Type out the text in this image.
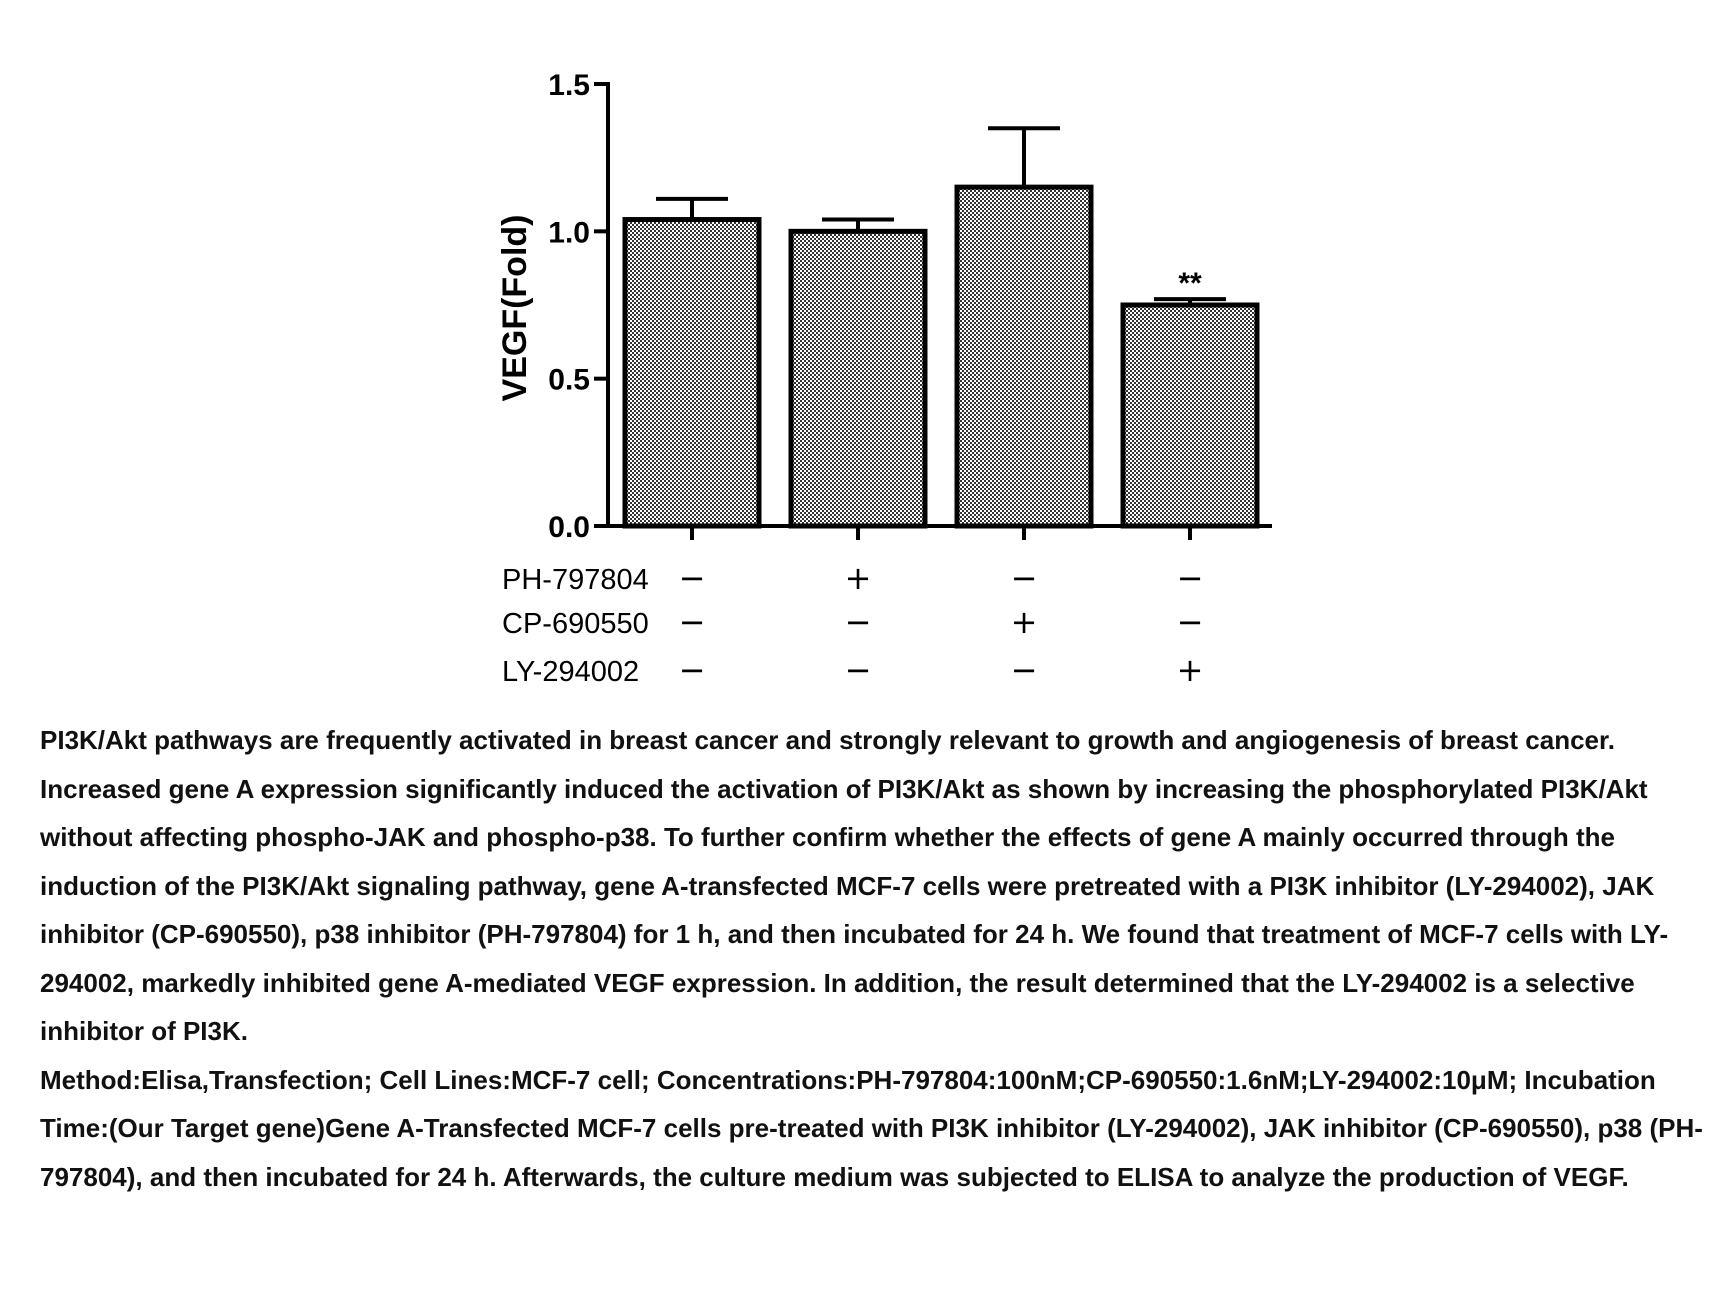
VEGF(Fold)	**
0.0
0.5
1.0
1.5
PH-797804 −	+	−	−
CP-690550 −	−	+	−
LY-294002 −	−	−	+

PI3K/Akt pathways are frequently activated in breast cancer and strongly relevant to growth and angiogenesis of breast cancer. Increased gene A expression significantly induced the activation of PI3K/Akt as shown by increasing the phosphorylated PI3K/Akt without affecting phospho-JAK and phospho-p38. To further confirm whether the effects of gene A mainly occurred through the induction of the PI3K/Akt signaling pathway, gene A-transfected MCF-7 cells were pretreated with a PI3K inhibitor (LY-294002), JAK inhibitor (CP-690550), p38 inhibitor (PH-797804) for 1 h, and then incubated for 24 h. We found that treatment of MCF-7 cells with LY-294002, markedly inhibited gene A-mediated VEGF expression. In addition, the result determined that the LY-294002 is a selective inhibitor of PI3K.

Method:Elisa,Transfection; Cell Lines:MCF-7 cell; Concentrations:PH-797804:100nM;CP-690550:1.6nM;LY-294002:10μM; Incubation Time:(Our Target gene)Gene A-Transfected MCF-7 cells pre-treated with PI3K inhibitor (LY-294002), JAK inhibitor (CP-690550), p38 (PH-797804), and then incubated for 24 h. Afterwards, the culture medium was subjected to ELISA to analyze the production of VEGF.
